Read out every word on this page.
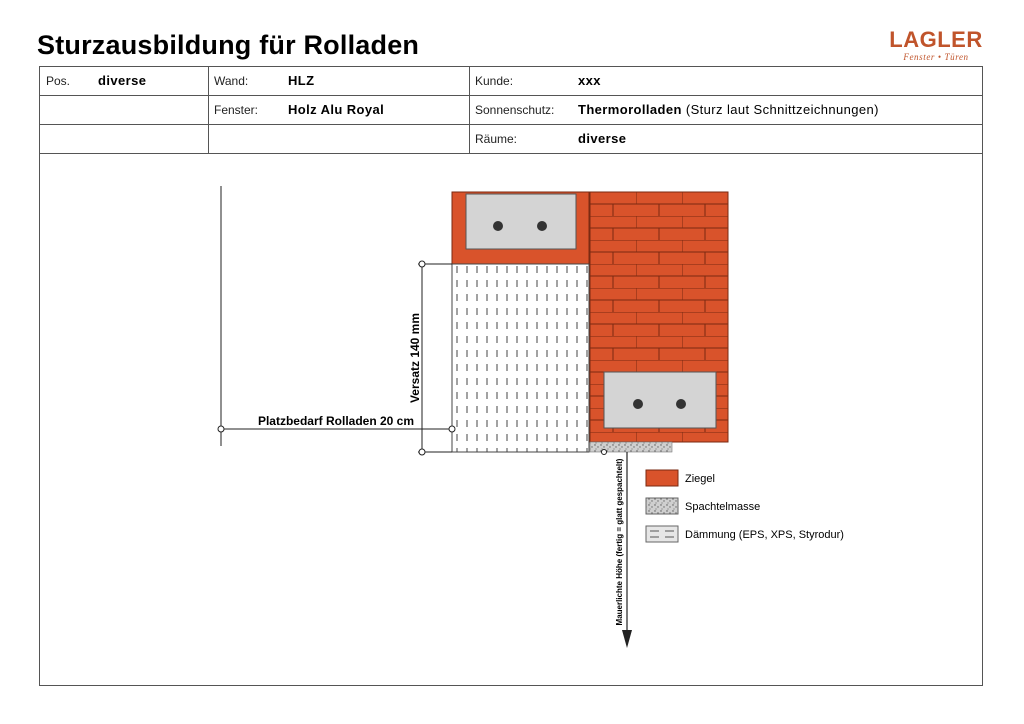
Sturzausbildung für Rolladen	LAGLER
Fenster • Türen
Pos. diverse	Wand:	HLZ	Kunde:	xxx
Fenster: Holz Alu Royal	Sonnenschutz: Thermorolladen (Sturz laut Schnittzeichnungen)
Räume:	diverse
Versatz 140 mm
Platzbedarf Rolladen 20 cm
Mauerlichte Höhe (fertig = glatt gespachtelt)	Ziegel
Spachtelmasse
Dämmung (EPS, XPS, Styrodur)
